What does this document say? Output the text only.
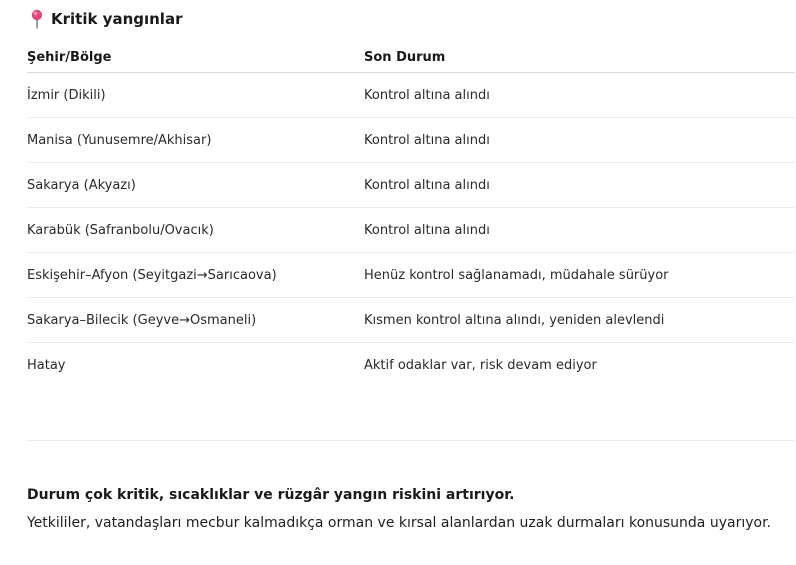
Kritik yangınlar
Şehir/Bölge	Son Durum
İzmir (Dikili)	Kontrol altına alındı
Manisa (Yunusemre/Akhisar)	Kontrol altına alındı
Sakarya (Akyazı)	Kontrol altına alındı
Karabük (Safranbolu/Ovacık)	Kontrol altına alındı
Eskişehir–Afyon (Seyitgazi→Sarıcaova)	Henüz kontrol sağlanamadı, müdahale sürüyor
Sakarya–Bilecik (Geyve→Osmaneli)	Kısmen kontrol altına alındı, yeniden alevlendi
Hatay	Aktif odaklar var, risk devam ediyor
Durum çok kritik, sıcaklıklar ve rüzgâr yangın riskini artırıyor.
Yetkililer, vatandaşları mecbur kalmadıkça orman ve kırsal alanlardan uzak durmaları konusunda uyarıyor.
